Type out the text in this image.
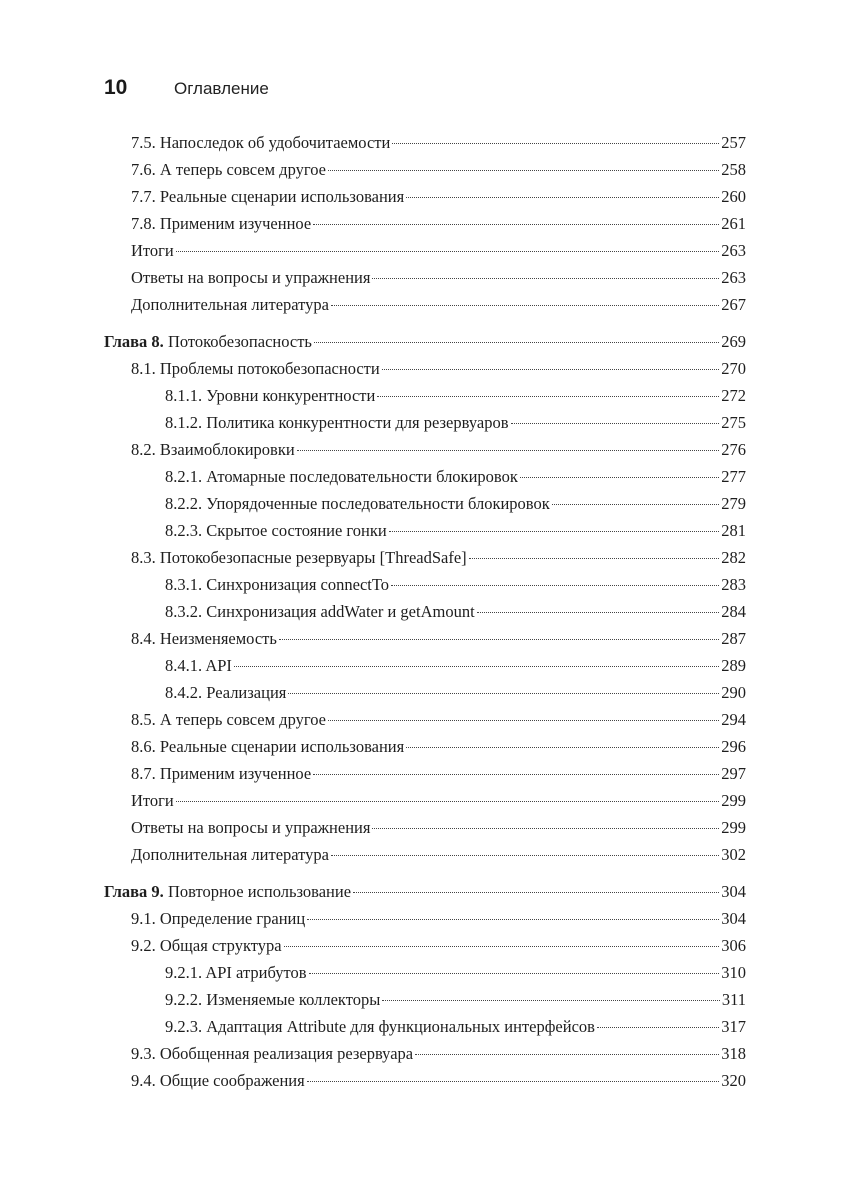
10	Оглавление
7.5. Напоследок об удобочитаемости	257
7.6. А теперь совсем другое	258
7.7. Реальные сценарии использования	260
7.8. Применим изученное	261
Итоги	263
Ответы на вопросы и упражнения	263
Дополнительная литература	267
Глава 8. Потокобезопасность	269
8.1. Проблемы потокобезопасности	270
8.1.1. Уровни конкурентности	272
8.1.2. Политика конкурентности для резервуаров	275
8.2. Взаимоблокировки	276
8.2.1. Атомарные последовательности блокировок	277
8.2.2. Упорядоченные последовательности блокировок	279
8.2.3. Скрытое состояние гонки	281
8.3. Потокобезопасные резервуары [ThreadSafe]	282
8.3.1. Синхронизация connectTo	283
8.3.2. Синхронизация addWater и getAmount	284
8.4. Неизменяемость	287
8.4.1. API	289
8.4.2. Реализация	290
8.5. А теперь совсем другое	294
8.6. Реальные сценарии использования	296
8.7. Применим изученное	297
Итоги	299
Ответы на вопросы и упражнения	299
Дополнительная литература	302
Глава 9. Повторное использование	304
9.1. Определение границ	304
9.2. Общая структура	306
9.2.1. API атрибутов	310
9.2.2. Изменяемые коллекторы	311
9.2.3. Адаптация Attribute для функциональных интерфейсов	317
9.3. Обобщенная реализация резервуара	318
9.4. Общие соображения	320
